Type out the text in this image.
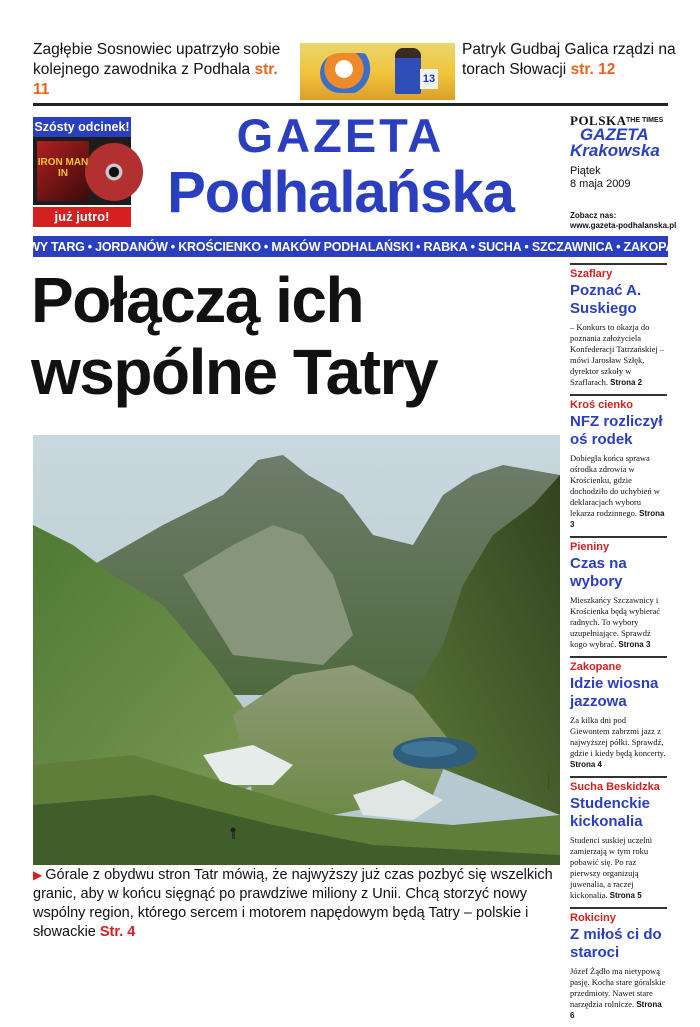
Zagłębie Sosnowiec upatrzyło sobie kolejnego zawodnika z Podhala str. 11
13
Patryk Gudbaj Galica rządzi na torach Słowacji str. 12
Szósty odcinek!
IRON MAN IN
już jutro!
GAZETA
Podhalańska
POLSKA THE TIMES
GAZETA
Krakowska
Piątek
8 maja 2009
Zobacz nas:
www.gazeta-podhalanska.pl
NOWY TARG • JORDANÓW • KROŚCIENKO • MAKÓW PODHALAŃSKI • RABKA • SUCHA • SZCZAWNICA • ZAKOPANE
Połączą ich
wspólne Tatry
▪▪▪▪▪▪▪▪▪
▶ Górale z obydwu stron Tatr mówią, że najwyższy już czas pozbyć się wszelkich granic, aby w końcu sięgnąć po prawdziwe miliony z Unii. Chcą storzyć nowy wspólny region, którego sercem i motorem napędowym będą Tatry – polskie i słowackie Str. 4
Szaflary
Poznać A. Suskiego
– Konkurs to okazja do poznania założyciela Konfederacji Tatrzańskiej – mówi Jarosław Szłęk, dyrektor szkoły w Szaflarach. Strona 2
Kroś cienko
NFZ rozliczył oś rodek
Dobiegła końca sprawa ośrodka zdrowia w Krościenku, gdzie dochodziło do uchybień w deklaracjach wyboru lekarza rodzinnego. Strona 3
Pieniny
Czas na wybory
Mieszkańcy Szczawnicy i Krościenka będą wybierać radnych. To wybory uzupełniające. Sprawdź kogo wybrać. Strona 3
Zakopane
Idzie wiosna jazzowa
Za kilka dni pod Giewontem zabrzmi jazz z najwyższej półki. Sprawdź, gdzie i kiedy będą koncerty. Strona 4
Sucha Beskidzka
Studenckie kickonalia
Studenci suskiej uczelni zamierzają w tym roku pobawić się. Po raz pierwszy organizują juwenalia, a raczej kickonalia. Strona 5
Rokiciny
Z miłoś ci do staroci
Józef Żądło ma nietypową pasję. Kocha stare góralskie przedmioty. Nawet stare narzędzia rolnicze. Strona 6
